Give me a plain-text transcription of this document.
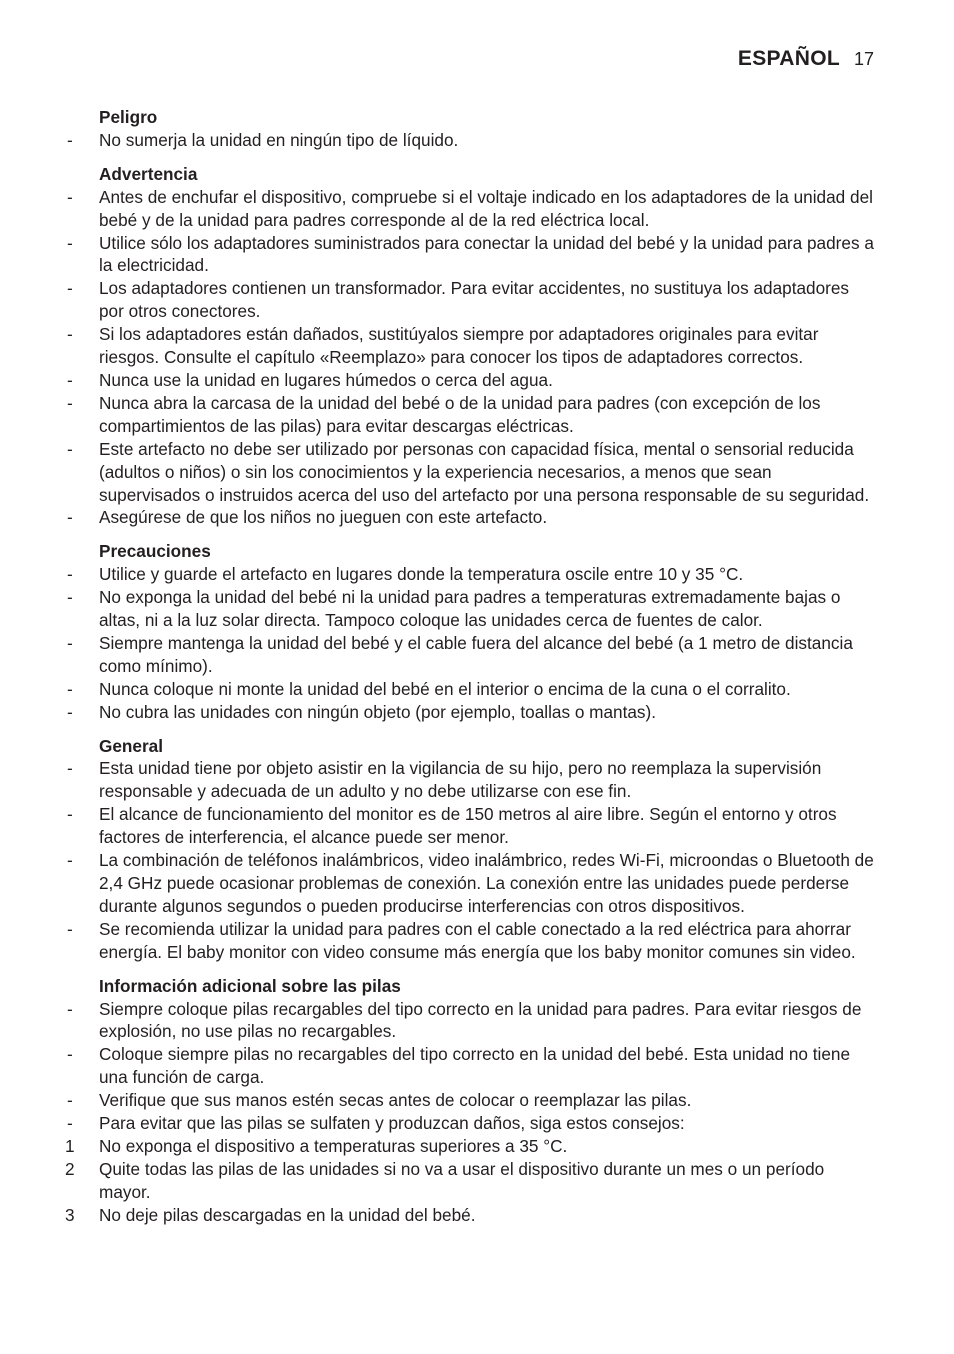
ESPAÑOL 17
Peligro
-	No sumerja la unidad en ningún tipo de líquido.
Advertencia
-	Antes de enchufar el dispositivo, compruebe si el voltaje indicado en los adaptadores de la unidad del bebé y de la unidad para padres corresponde al de la red eléctrica local.
-	Utilice sólo los adaptadores suministrados para conectar la unidad del bebé y la unidad para padres a la electricidad.
-	Los adaptadores contienen un transformador. Para evitar accidentes, no sustituya los adaptadores por otros conectores.
-	Si los adaptadores están dañados, sustitúyalos siempre por adaptadores originales para evitar riesgos. Consulte el capítulo «Reemplazo» para conocer los tipos de adaptadores correctos.
-	Nunca use la unidad en lugares húmedos o cerca del agua.
-	Nunca abra la carcasa de la unidad del bebé o de la unidad para padres (con excepción de los compartimientos de las pilas) para evitar descargas eléctricas.
-	Este artefacto no debe ser utilizado por personas con capacidad física, mental o sensorial reducida (adultos o niños) o sin los conocimientos y la experiencia necesarios, a menos que sean supervisados o instruidos acerca del uso del artefacto por una persona responsable de su seguridad.
-	Asegúrese de que los niños no jueguen con este artefacto.
Precauciones
-	Utilice y guarde el artefacto en lugares donde la temperatura oscile entre 10 y 35 °C.
-	No exponga la unidad del bebé ni la unidad para padres a temperaturas extremadamente bajas o altas, ni a la luz solar directa. Tampoco coloque las unidades cerca de fuentes de calor.
-	Siempre mantenga la unidad del bebé y el cable fuera del alcance del bebé (a 1 metro de distancia como mínimo).
-	Nunca coloque ni monte la unidad del bebé en el interior o encima de la cuna o el corralito.
-	No cubra las unidades con ningún objeto (por ejemplo, toallas o mantas).
General
-	Esta unidad tiene por objeto asistir en la vigilancia de su hijo, pero no reemplaza la supervisión responsable y adecuada de un adulto y no debe utilizarse con ese fin.
-	El alcance de funcionamiento del monitor es de 150 metros al aire libre. Según el entorno y otros factores de interferencia, el alcance puede ser menor.
-	La combinación de teléfonos inalámbricos, video inalámbrico, redes Wi-Fi, microondas o Bluetooth de 2,4 GHz puede ocasionar problemas de conexión. La conexión entre las unidades puede perderse durante algunos segundos o pueden producirse interferencias con otros dispositivos.
-	Se recomienda utilizar la unidad para padres con el cable conectado a la red eléctrica para ahorrar energía. El baby monitor con video consume más energía que los baby monitor comunes sin video.
Información adicional sobre las pilas
-	Siempre coloque pilas recargables del tipo correcto en la unidad para padres. Para evitar riesgos de explosión, no use pilas no recargables.
-	Coloque siempre pilas no recargables del tipo correcto en la unidad del bebé. Esta unidad no tiene una función de carga.
-	Verifique que sus manos estén secas antes de colocar o reemplazar las pilas.
-	Para evitar que las pilas se sulfaten y produzcan daños, siga estos consejos:
1	No exponga el dispositivo a temperaturas superiores a 35 °C.
2	Quite todas las pilas de las unidades si no va a usar el dispositivo durante un mes o un período mayor.
3	No deje pilas descargadas en la unidad del bebé.
